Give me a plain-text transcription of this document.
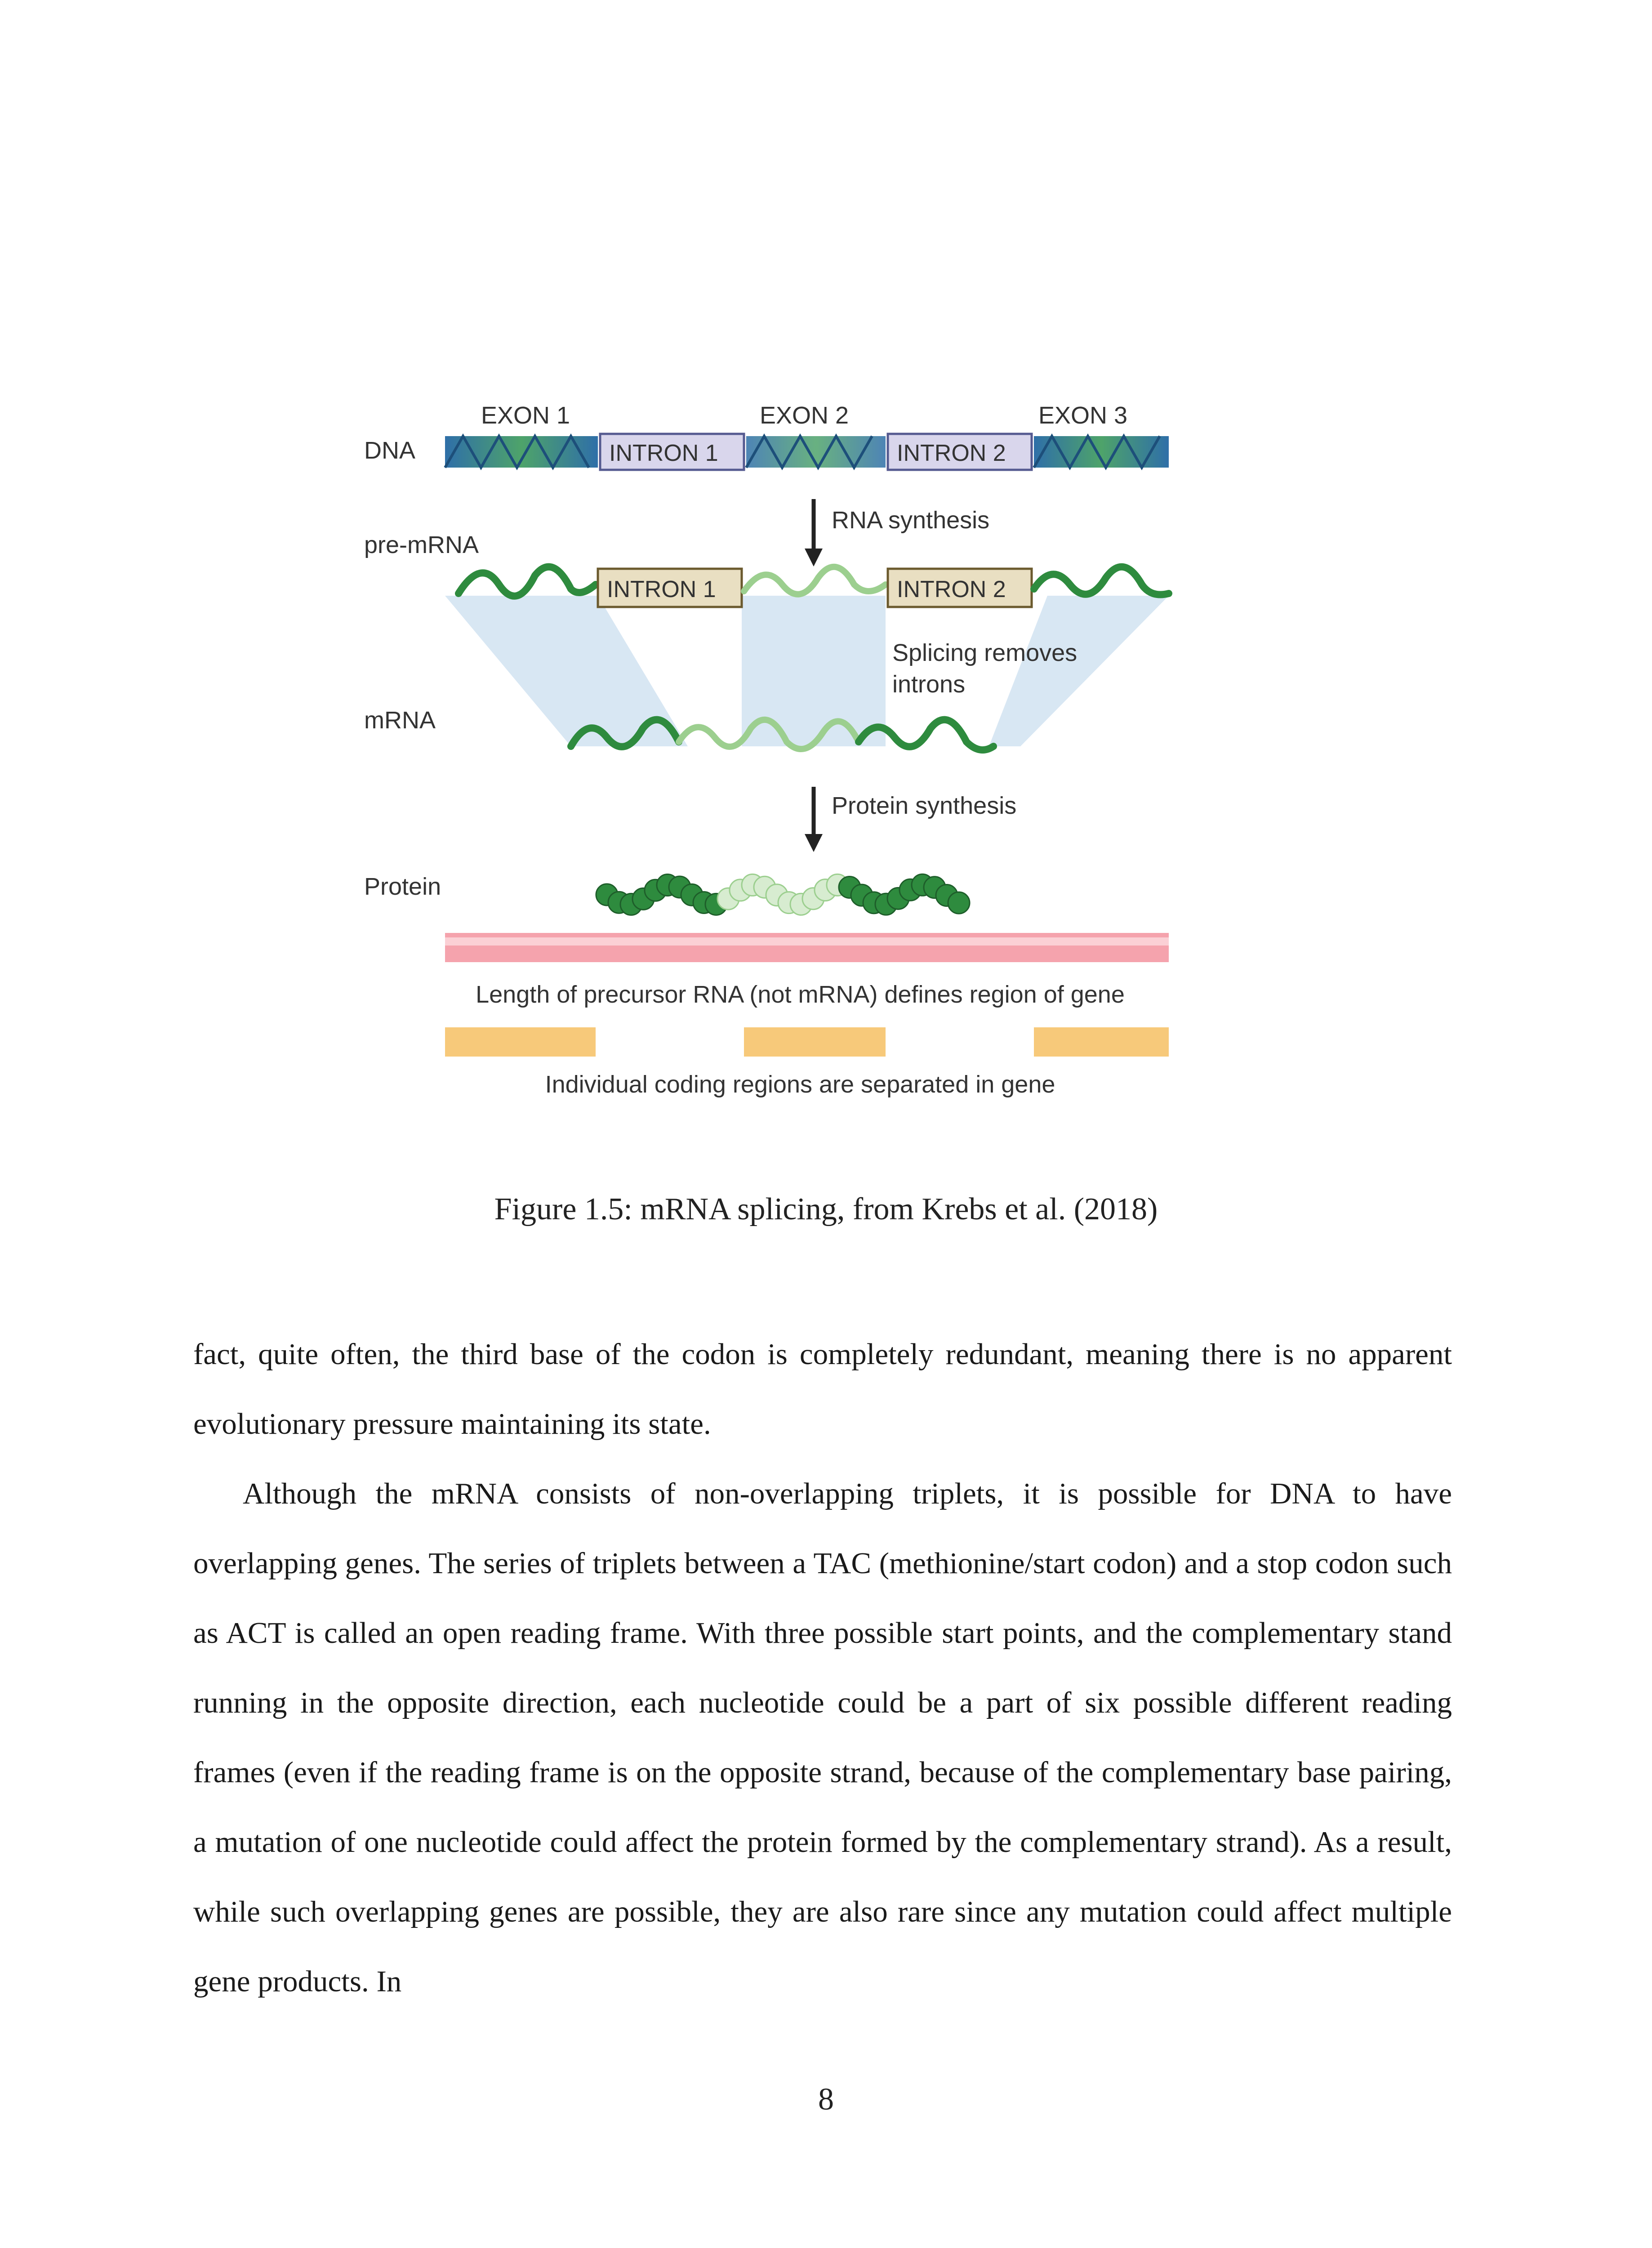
DNA
EXON 1	EXON 2	EXON 3
INTRON 1	INTRON 2
RNA synthesis
pre-mRNA
INTRON 1	INTRON 2
Splicing removes
introns
mRNA
Protein synthesis
Protein
Length of precursor RNA (not mRNA) defines region of gene
Individual coding regions are separated in gene
Figure 1.5: mRNA splicing, from Krebs et al. (2018)

fact, quite often, the third base of the codon is completely redundant, meaning there is no apparent evolutionary pressure maintaining its state.

Although the mRNA consists of non-overlapping triplets, it is possible for DNA to have overlapping genes. The series of triplets between a TAC (methionine/start codon) and a stop codon such as ACT is called an open reading frame. With three possible start points, and the complementary stand running in the opposite direction, each nucleotide could be a part of six possible different reading frames (even if the reading frame is on the opposite strand, because of the complementary base pairing, a mutation of one nucleotide could affect the protein formed by the complementary strand). As a result, while such overlapping genes are possible, they are also rare since any mutation could affect multiple gene products. In

8
